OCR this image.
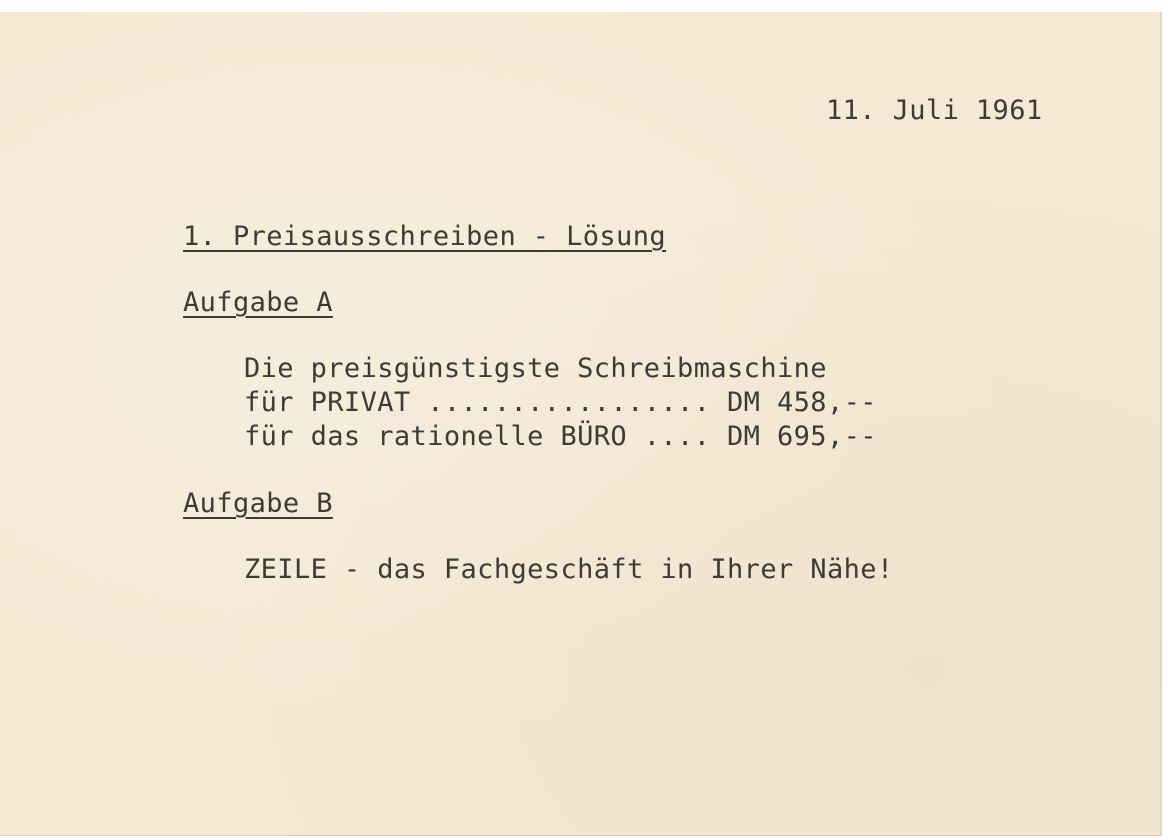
11. Juli 1961

1. Preisausschreiben - Lösung

Aufgabe A

Die preisgünstigste Schreibmaschine

für PRIVAT ................. DM 458,--

für das rationelle BÜRO .... DM 695,--

Aufgabe B

ZEILE - das Fachgeschäft in Ihrer Nähe!
